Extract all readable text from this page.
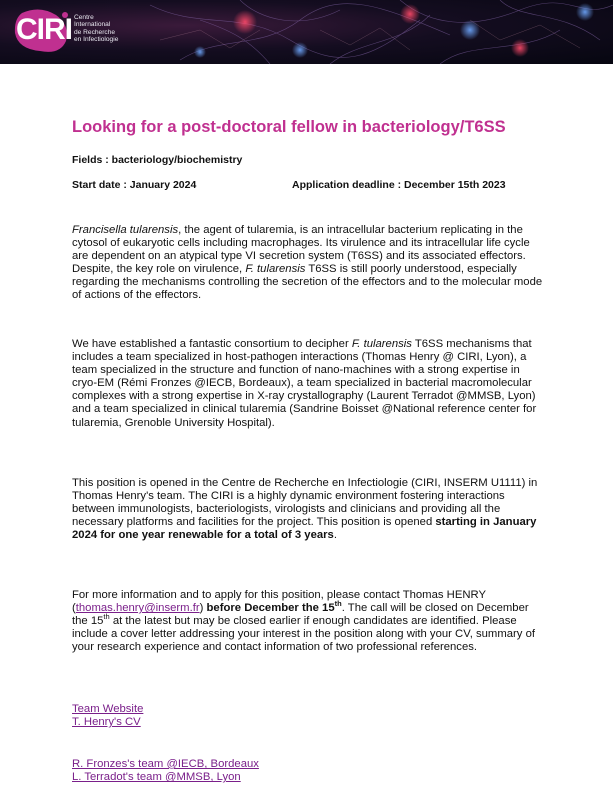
CIRI Centre
International
de Recherche
en Infectiologie
Looking for a post-doctoral fellow in bacteriology/T6SS
Fields : bacteriology/biochemistry
Start date : January 2024	Application deadline : December 15th 2023
Francisella tularensis, the agent of tularemia, is an intracellular bacterium replicating in the cytosol of eukaryotic cells including macrophages. Its virulence and its intracellular life cycle are dependent on an atypical type VI secretion system (T6SS) and its associated effectors. Despite, the key role on virulence, F. tularensis T6SS is still poorly understood, especially regarding the mechanisms controlling the secretion of the effectors and to the molecular mode of actions of the effectors.
We have established a fantastic consortium to decipher F. tularensis T6SS mechanisms that includes a team specialized in host-pathogen interactions (Thomas Henry @ CIRI, Lyon), a team specialized in the structure and function of nano-machines with a strong expertise in cryo-EM (Rémi Fronzes @IECB, Bordeaux), a team specialized in bacterial macromolecular complexes with a strong expertise in X-ray crystallography (Laurent Terradot @MMSB, Lyon) and a team specialized in clinical tularemia (Sandrine Boisset @National reference center for tularemia, Grenoble University Hospital).
This position is opened in the Centre de Recherche en Infectiologie (CIRI, INSERM U1111) in Thomas Henry's team. The CIRI is a highly dynamic environment fostering interactions between immunologists, bacteriologists, virologists and clinicians and providing all the necessary platforms and facilities for the project. This position is opened starting in January 2024 for one year renewable for a total of 3 years.
For more information and to apply for this position, please contact Thomas HENRY (thomas.henry@inserm.fr) before December the 15th. The call will be closed on December the 15th at the latest but may be closed earlier if enough candidates are identified. Please include a cover letter addressing your interest in the position along with your CV, summary of your research experience and contact information of two professional references.
Team Website
T. Henry's CV
R. Fronzes's team @IECB, Bordeaux
L. Terradot's team @MMSB, Lyon
